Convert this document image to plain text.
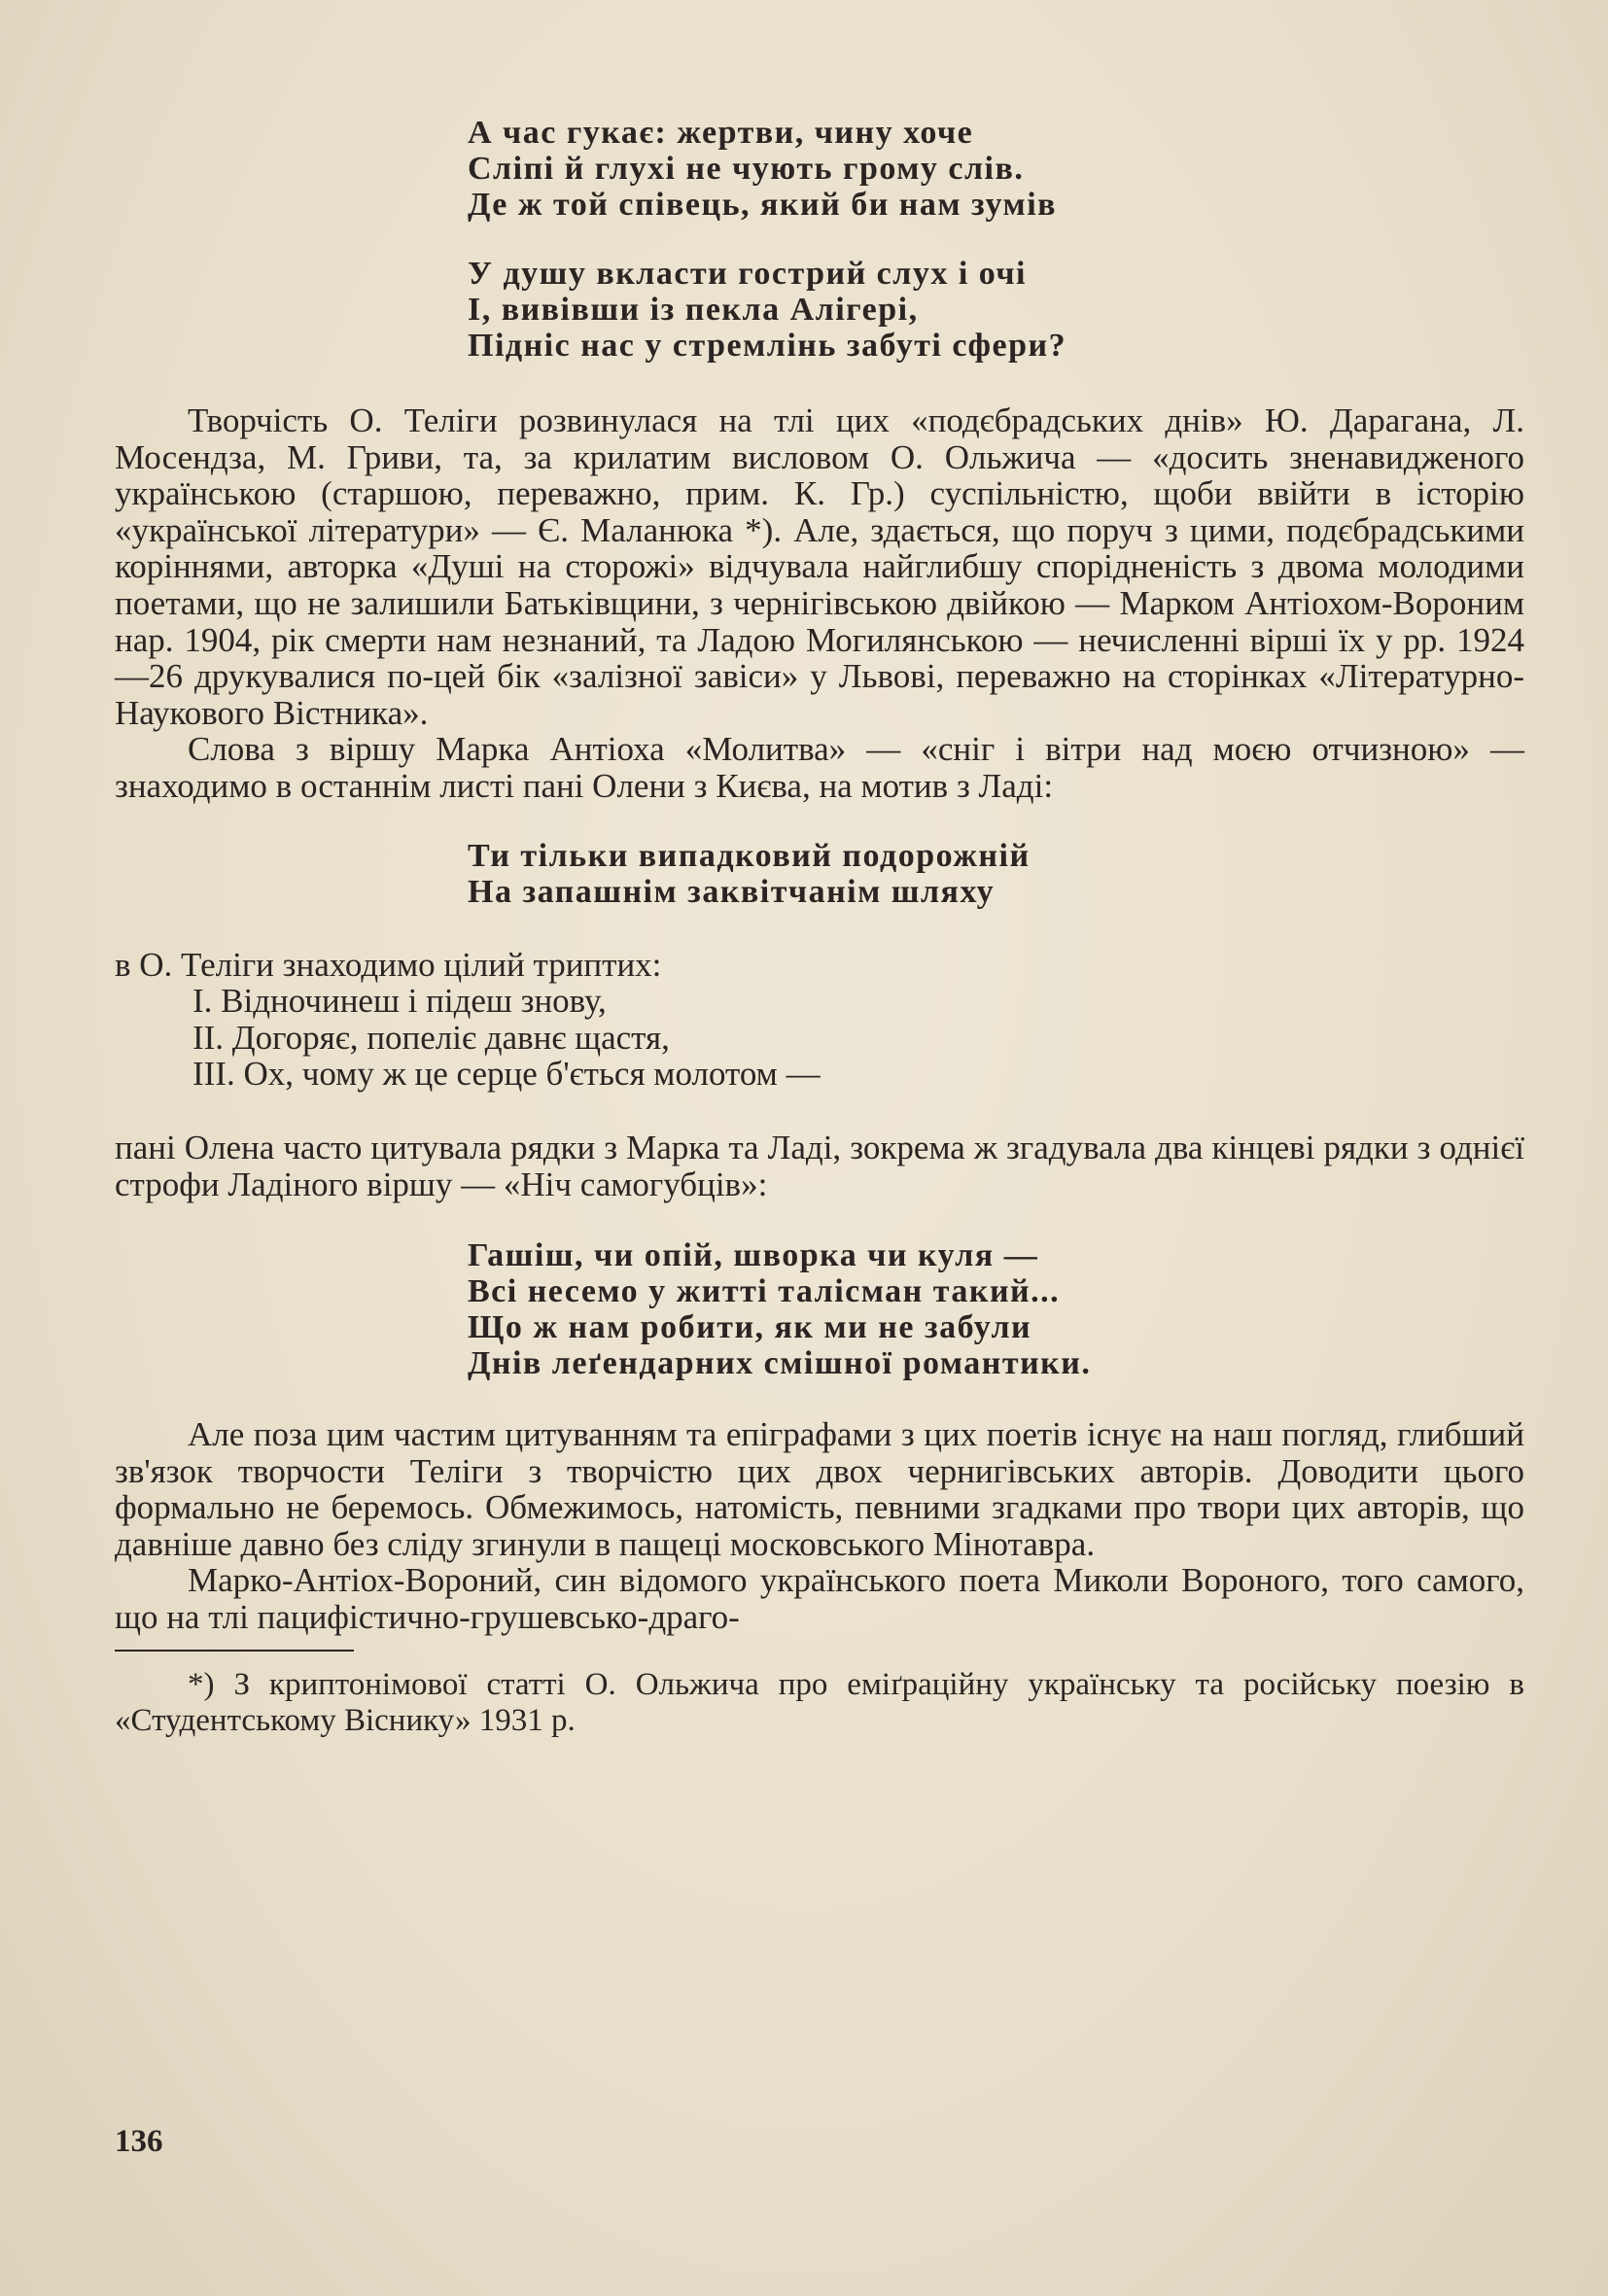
А час гукає: жертви, чину хоче
Сліпі й глухі не чують грому слів.
Де ж той співець, який би нам зумів
У душу вкласти гострий слух і очі
І, вивівши із пекла Алігері,
Підніс нас у стремлінь забуті сфери?

Творчість О. Теліги розвинулася на тлі цих «подєбрадських днів» Ю. Дарагана, Л. Мосендза, М. Гриви, та, за крилатим висловом О. Ольжича — «досить зненавидженого українською (старшою, переважно, прим. К. Гр.) суспільністю, щоби ввійти в історію «української літератури» — Є. Маланюка *). Але, здається, що поруч з цими, подєбрадськими коріннями, авторка «Душі на сторожі» відчувала найглибшу спорідненість з двома молодими поетами, що не залишили Батьківщини, з чернігівською двійкою — Марком Антіохом-Вороним нар. 1904, рік смерти нам незнаний, та Ладою Могилянською — нечисленні вірші їх у рр. 1924—26 друкувалися по-цей бік «залізної завіси» у Львові, переважно на сторінках «Літературно-Наукового Вістника».

Слова з віршу Марка Антіоха «Молитва» — «сніг і вітри над моєю отчизною» — знаходимо в останнім листі пані Олени з Києва, на мотив з Ладі:

Ти тільки випадковий подорожній
На запашнім заквітчанім шляху

в О. Теліги знаходимо цілий триптих:

І. Відночинеш і підеш знову,
ІІ. Догоряє, попеліє давнє щастя,
ІІІ. Ох, чому ж це серце б'ється молотом —

пані Олена часто цитувала рядки з Марка та Ладі, зокрема ж згадувала два кінцеві рядки з однієї строфи Ладіного віршу — «Ніч самогубців»:

Гашіш, чи опій, шворка чи куля —
Всі несемо у житті талісман такий...
Що ж нам робити, як ми не забули
Днів леґендарних смішної романтики.

Але поза цим частим цитуванням та епіграфами з цих поетів існує на наш погляд, глибший зв'язок творчости Теліги з творчістю цих двох чернигівських авторів. Доводити цього формально не беремось. Обмежимось, натомість, певними згадками про твори цих авторів, що давніше давно без сліду згинули в пащеці московського Мінотавра.

Марко-Антіох-Вороний, син відомого українського поета Миколи Вороного, того самого, що на тлі пацифістично-грушевсько-драго-

*) З криптонімової статті О. Ольжича про еміґраційну українську та російську поезію в «Студентському Віснику» 1931 р.

136
